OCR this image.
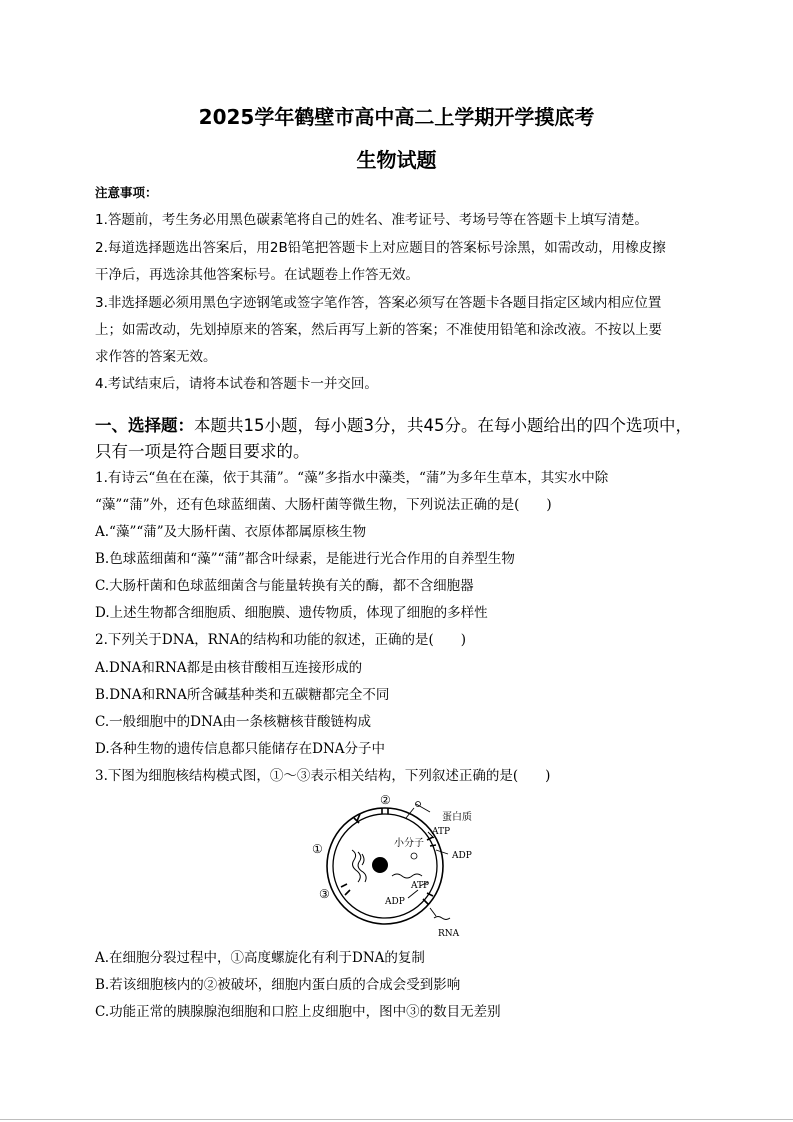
2025学年鹤壁市高中高二上学期开学摸底考
生物试题
注意事项：
1.答题前，考生务必用黑色碳素笔将自己的姓名、准考证号、考场号等在答题卡上填写清楚。
2.每道选择题选出答案后，用2B铅笔把答题卡上对应题目的答案标号涂黑，如需改动，用橡皮擦
干净后，再选涂其他答案标号。在试题卷上作答无效。
3.非选择题必须用黑色字迹钢笔或签字笔作答，答案必须写在答题卡各题目指定区域内相应位置
上；如需改动，先划掉原来的答案，然后再写上新的答案；不准使用铅笔和涂改液。不按以上要
求作答的答案无效。
4.考试结束后，请将本试卷和答题卡一并交回。
一、选择题：本题共15小题，每小题3分，共45分。在每小题给出的四个选项中，
只有一项是符合题目要求的。
1.有诗云“鱼在在藻，依于其蒲”。“藻”多指水中藻类，“蒲”为多年生草本，其实水中除
“藻”“蒲”外，还有色球蓝细菌、大肠杆菌等微生物，下列说法正确的是(　　)
A.“藻”“蒲”及大肠杆菌、衣原体都属原核生物
B.色球蓝细菌和“藻”“蒲”都含叶绿素，是能进行光合作用的自养型生物
C.大肠杆菌和色球蓝细菌含与能量转换有关的酶，都不含细胞器
D.上述生物都含细胞质、细胞膜、遗传物质，体现了细胞的多样性
2.下列关于DNA，RNA的结构和功能的叙述，正确的是(　　)
A.DNA和RNA都是由核苷酸相互连接形成的
B.DNA和RNA所含碱基种类和五碳糖都完全不同
C.一般细胞中的DNA由一条核糖核苷酸链构成
D.各种生物的遗传信息都只能储存在DNA分子中
3.下图为细胞核结构模式图，①～③表示相关结构，下列叙述正确的是(　　)
①
②
③
蛋白质
ATP
ADP
小分子
ATP
ADP
RNA
A.在细胞分裂过程中，①高度螺旋化有利于DNA的复制
B.若该细胞核内的②被破坏，细胞内蛋白质的合成会受到影响
C.功能正常的胰腺腺泡细胞和口腔上皮细胞中，图中③的数目无差别
